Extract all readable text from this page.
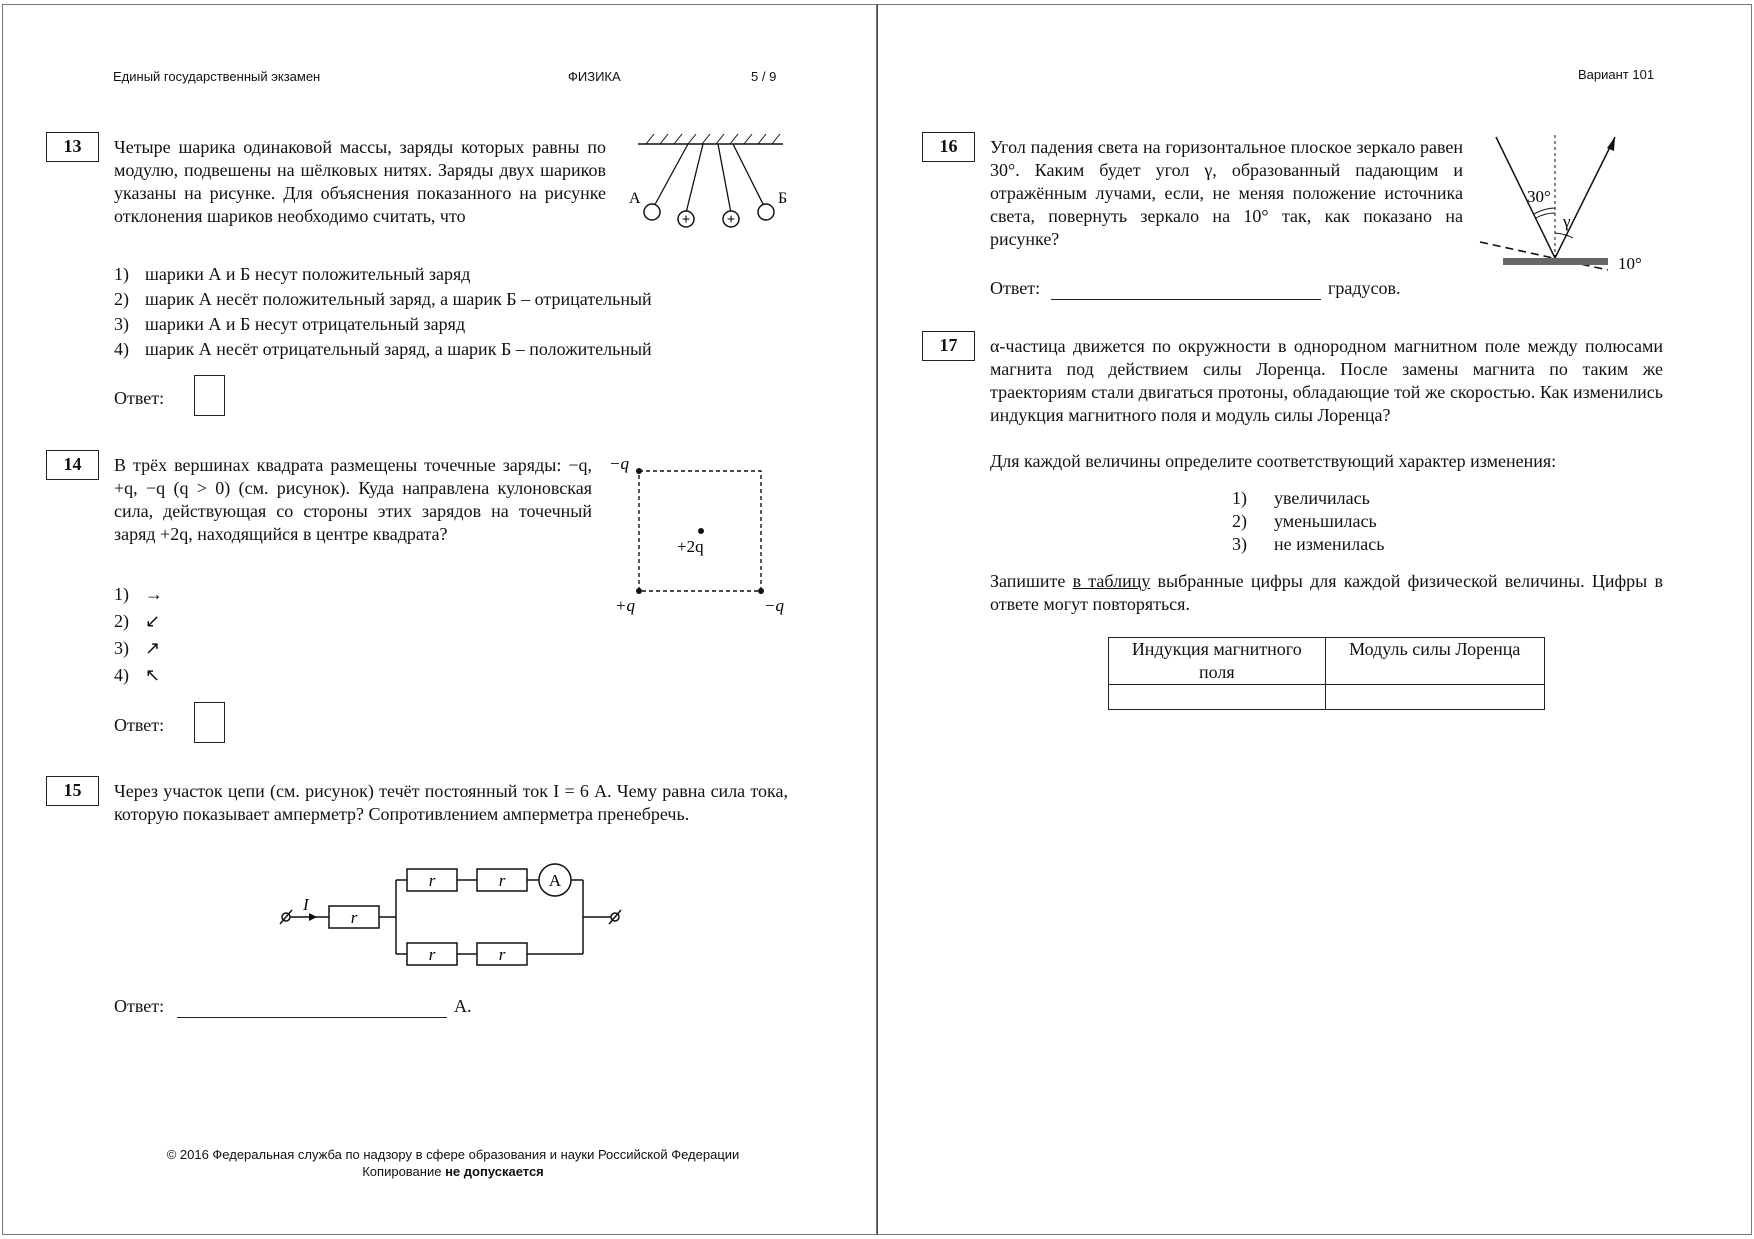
Единый государственный экзамен	ФИЗИКА	5 / 9
13	Четыре шарика одинаковой массы, заряды которых равны по модулю, подвешены на шёлковых нитях. Заряды двух шариков указаны на рисунке. Для объяснения показанного на рисунке отклонения шариков необходимо считать, что	+ +
А	Б
1) шарики А и Б несут положительный заряд
2) шарик А несёт положительный заряд, а шарик Б – отрицательный
3) шарики А и Б несут отрицательный заряд
4) шарик А несёт отрицательный заряд, а шарик Б – положительный
Ответ:
14	В трёх вершинах квадрата размещены точечные заряды: −q, +q, −q (q > 0) (см. рисунок). Куда направлена кулоновская сила, действующая со стороны этих зарядов на точечный заряд +2q, находящийся в центре квадрата?
−q
+q	−q
+2q
1) →
2) ↙
3) ↗
4) ↖
Ответ:
15	Через участок цепи (см. рисунок) течёт постоянный ток I = 6 А. Чему равна сила тока, которую показывает амперметр? Сопротивлением амперметра пренебречь.
I
r
r	r
r	r
A
Ответ:	А.
© 2016 Федеральная служба по надзору в сфере образования и науки Российской Федерации
Копирование не допускается
Вариант 101
16	Угол падения света на горизонтальное плоское зеркало равен 30°. Каким будет угол γ, образованный падающим и отражённым лучами, если, не меняя положение источника света, повернуть зеркало на 10° так, как показано на рисунке?
30°
γ
10°
Ответ:	градусов.
17	α-частица движется по окружности в однородном магнитном поле между полюсами магнита под действием силы Лоренца. После замены магнита по таким же траекториям стали двигаться протоны, обладающие той же скоростью. Как изменились индукция магнитного поля и модуль силы Лоренца?
Для каждой величины определите соответствующий характер изменения:
1) увеличилась
2) уменьшилась
3) не изменилась
Запишите в таблицу выбранные цифры для каждой физической величины. Цифры в ответе могут повторяться.
Индукция магнитного поля	Модуль силы Лоренца
